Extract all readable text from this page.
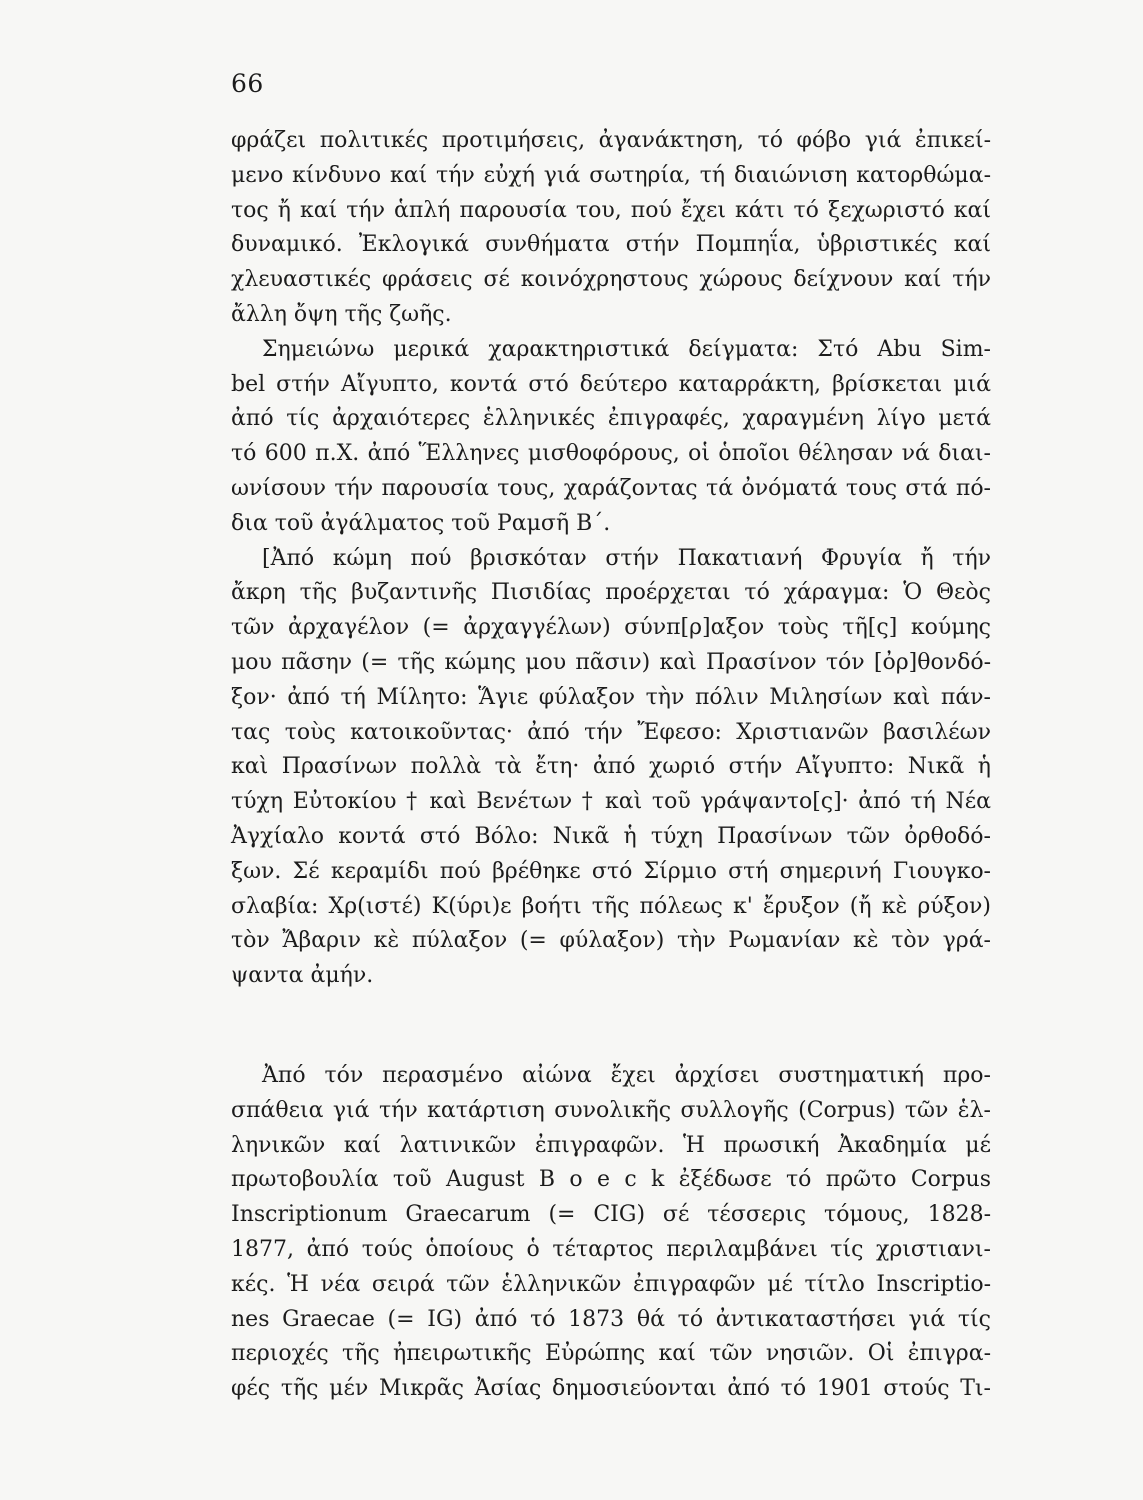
66
φράζει πολιτικές προτιμήσεις, ἀγανάκτηση, τό φόβο γιά ἐπικεί-
μενο κίνδυνο καί τήν εὐχή γιά σωτηρία, τή διαιώνιση κατορθώμα-
τος ἤ καί τήν ἁπλή παρουσία του, πού ἔχει κάτι τό ξεχωριστό καί
δυναμικό. Ἐκλογικά συνθήματα στήν Πομπηΐα, ὑβριστικές καί
χλευαστικές φράσεις σέ κοινόχρηστους χώρους δείχνουν καί τήν
ἄλλη ὄψη τῆς ζωῆς.
Σημειώνω μερικά χαρακτηριστικά δείγματα: Στό Abu Sim-
bel στήν Αἴγυπτο, κοντά στό δεύτερο καταρράκτη, βρίσκεται μιά
ἀπό τίς ἀρχαιότερες ἑλληνικές ἐπιγραφές, χαραγμένη λίγο μετά
τό 600 π.Χ. ἀπό Ἕλληνες μισθοφόρους, οἱ ὁποῖοι θέλησαν νά διαι-
ωνίσουν τήν παρουσία τους, χαράζοντας τά ὀνόματά τους στά πό-
δια τοῦ ἀγάλματος τοῦ Ραμσῆ Β΄.
[Ἀπό κώμη πού βρισκόταν στήν Πακατιανή Φρυγία ἤ τήν
ἄκρη τῆς βυζαντινῆς Πισιδίας προέρχεται τό χάραγμα: Ὁ Θεὸς
τῶν ἀρχαγέλον (= ἀρχαγγέλων) σύνπ[ρ]αξον τοὺς τῆ[ς] κούμης
μου πᾶσην (= τῆς κώμης μου πᾶσιν) καὶ Πρασίνον τόν [ὀρ]θονδό-
ξον· ἀπό τή Μίλητο: Ἅγιε φύλαξον τὴν πόλιν Μιλησίων καὶ πάν-
τας τοὺς κατοικοῦντας· ἀπό τήν Ἔφεσο: Χριστιανῶν βασιλέων
καὶ Πρασίνων πολλὰ τὰ ἔτη· ἀπό χωριό στήν Αἴγυπτο: Νικᾶ ἡ
τύχη Εὐτοκίου † καὶ Βενέτων † καὶ τοῦ γράψαντο[ς]· ἀπό τή Νέα
Ἀγχίαλο κοντά στό Βόλο: Νικᾶ ἡ τύχη Πρασίνων τῶν ὀρθοδό-
ξων. Σέ κεραμίδι πού βρέθηκε στό Σίρμιο στή σημερινή Γιουγκο-
σλαβία: Χρ(ιστέ) Κ(ύρι)ε βοήτι τῆς πόλεως κ' ἔρυξον (ἤ κὲ ρύξον)
τὸν Ἄβαριν κὲ πύλαξον (= φύλαξον) τὴν Ρωμανίαν κὲ τὸν γρά-
ψαντα ἀμήν.
Ἀπό τόν περασμένο αἰώνα ἔχει ἀρχίσει συστηματική προ-
σπάθεια γιά τήν κατάρτιση συνολικῆς συλλογῆς (Corpus) τῶν ἑλ-
ληνικῶν καί λατινικῶν ἐπιγραφῶν. Ἡ πρωσική Ἀκαδημία μέ
πρωτοβουλία τοῦ August B o e c k ἐξέδωσε τό πρῶτο Corpus
Inscriptionum Graecarum (= CIG) σέ τέσσερις τόμους, 1828-
1877, ἀπό τούς ὁποίους ὁ τέταρτος περιλαμβάνει τίς χριστιανι-
κές. Ἡ νέα σειρά τῶν ἑλληνικῶν ἐπιγραφῶν μέ τίτλο Inscriptio-
nes Graecae (= IG) ἀπό τό 1873 θά τό ἀντικαταστήσει γιά τίς
περιοχές τῆς ἠπειρωτικῆς Εὐρώπης καί τῶν νησιῶν. Οἱ ἐπιγρα-
φές τῆς μέν Μικρᾶς Ἀσίας δημοσιεύονται ἀπό τό 1901 στούς Τι-
